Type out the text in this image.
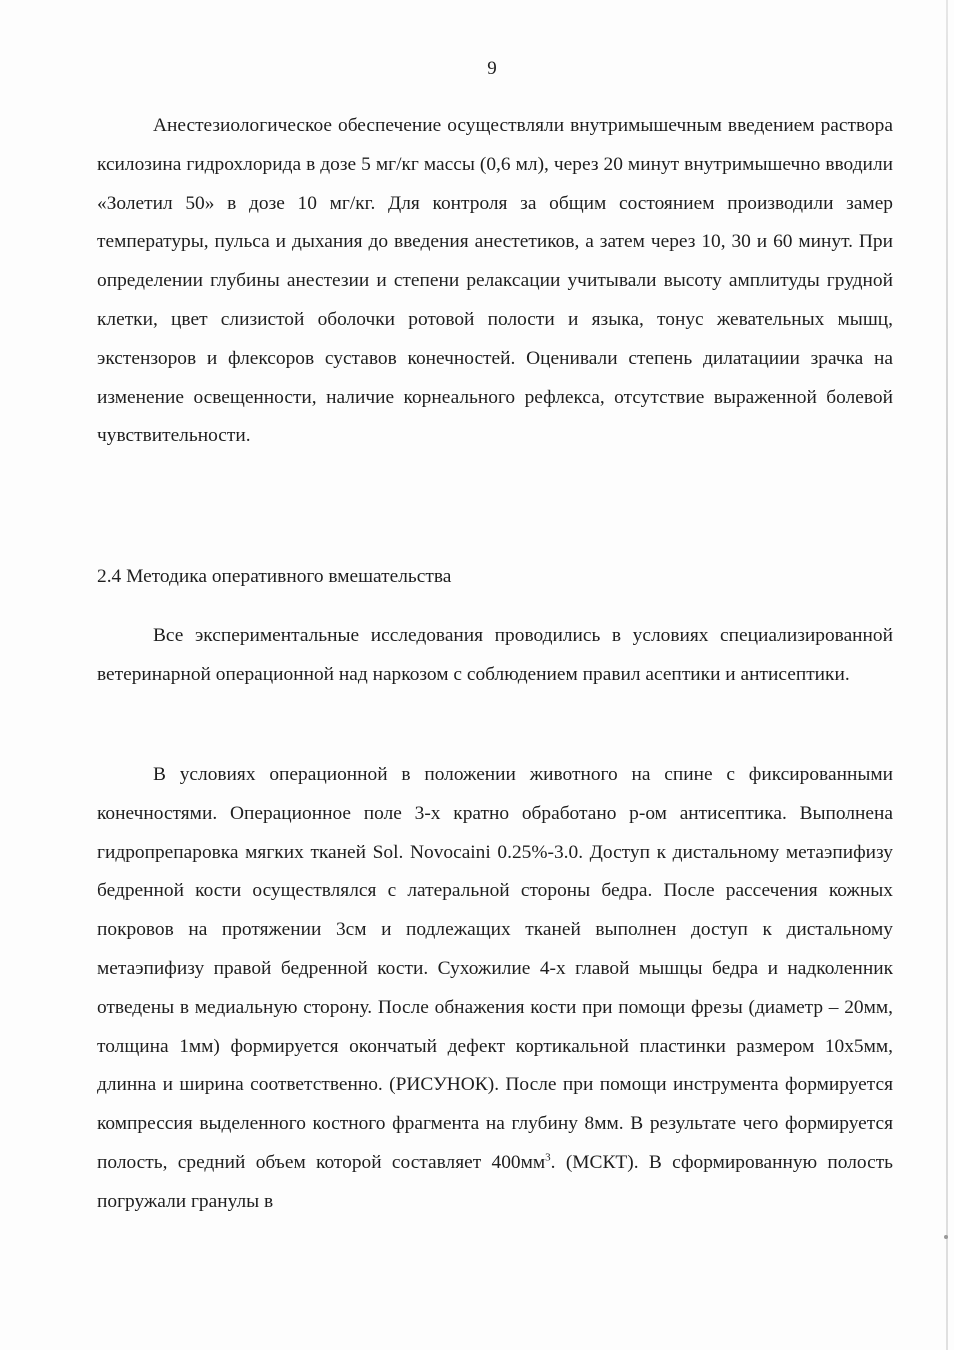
9

Анестезиологическое обеспечение осуществляли внутримышечным введением раствора ксилозина гидрохлорида в дозе 5 мг/кг массы (0,6 мл), через 20 минут внутримышечно вводили «Золетил 50» в дозе 10 мг/кг. Для контроля за общим состоянием производили замер температуры, пульса и дыхания до введения анестетиков, а затем через 10, 30 и 60 минут. При определении глубины анестезии и степени релаксации учитывали высоту амплитуды грудной клетки, цвет слизистой оболочки ротовой полости и языка, тонус жевательных мышц, экстензоров и флексоров суставов конечностей. Оценивали степень дилатациии зрачка на изменение освещенности, наличие корнеального рефлекса, отсутствие выраженной болевой чувствительности.

2.4 Методика оперативного вмешательства

Все экспериментальные исследования проводились в условиях специализированной ветеринарной операционной над наркозом с соблюдением правил асептики и антисептики.

В условиях операционной в положении животного на спине с фиксированными конечностями. Операционное поле 3-х кратно обработано р-ом антисептика. Выполнена гидропрепаровка мягких тканей Sol. Novocaini 0.25%-3.0. Доступ к дистальному метаэпифизу бедренной кости осуществлялся с латеральной стороны бедра. После рассечения кожных покровов на протяжении 3см и подлежащих тканей выполнен доступ к дистальному метаэпифизу правой бедренной кости. Сухожилие 4-х главой мышцы бедра и надколенник отведены в медиальную сторону. После обнажения кости при помощи фрезы (диаметр – 20мм, толщина 1мм) формируется окончатый дефект кортикальной пластинки размером 10х5мм, длинна и ширина соответственно. (РИСУНОК). После при помощи инструмента формируется компрессия выделенного костного фрагмента на глубину 8мм. В результате чего формируется полость, средний объем которой составляет $400мм^3$. (МСКТ). В сформированную полость погружали гранулы в
